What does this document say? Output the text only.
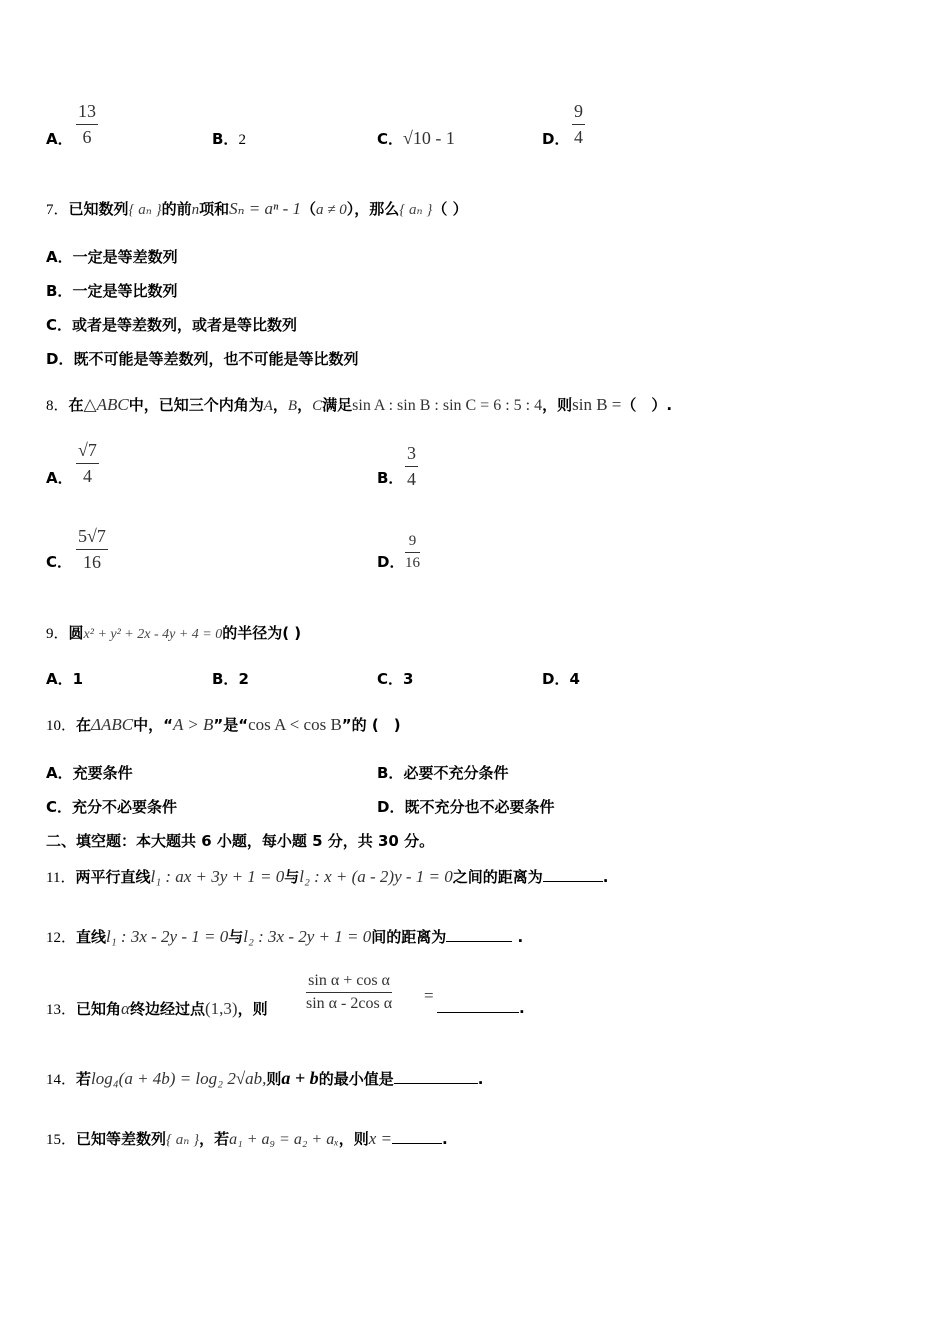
A． $\frac{13}{6}$	B．2	C．√10 - 1	D． $\frac{9}{4}$
7．已知数列{ aₙ }的前n项和Sₙ = aⁿ - 1（a ≠ 0），那么{ aₙ }（ ）
A．一定是等差数列
B．一定是等比数列
C．或者是等差数列，或者是等比数列
D．既不可能是等差数列，也不可能是等比数列
8．在△ABC中，已知三个内角为A，B，C满足sin A : sin B : sin C = 6 : 5 : 4，则sin B =（　）.
A． $\frac{√7}{4}$	B． $\frac{3}{4}$
C． $\frac{5√7}{16}$	D． $\frac{9}{16}$
9．圆x² + y² + 2x - 4y + 4 = 0的半径为( )
A．1	B．2	C．3	D．4
10．在ΔABC中，“A > B”是“cos A < cos B”的 (　)
A．充要条件	B．必要不充分条件
C．充分不必要条件	D．既不充分也不必要条件
二、填空题：本大题共 6 小题，每小题 5 分，共 30 分。
11．两平行直线l₁ : ax + 3y + 1 = 0与l₂ : x + (a - 2)y - 1 = 0之间的距离为	.
12．直线l₁ : 3x - 2y - 1 = 0与l₂ : 3x - 2y + 1 = 0间的距离为	.
13．已知角α终边经过点(1,3)，则 $\frac{\text{sin α + cos α}}{\text{sin α - 2cos α}}$ =
.
14．若log₄(a + 4b) = log₂ 2√ab,则a + b的最小值是	.
15．已知等差数列{ aₙ }，若a₁ + a₉ = a₂ + aₓ，则x =	.
